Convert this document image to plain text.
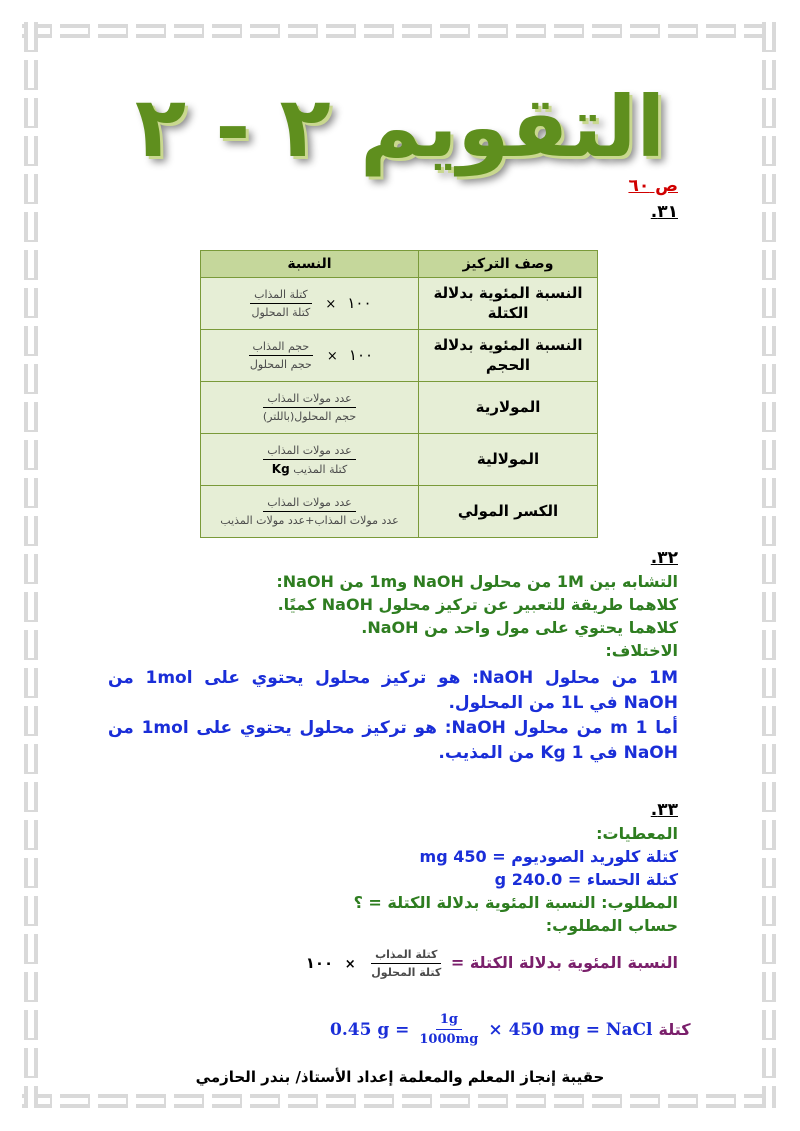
التقويم ٢ - ٢
ص ٦٠
.٣١
وصف التركيز	النسبة
النسبة المئوية بدلالة الكتلة	١٠٠ ×
$\frac{\text{كتلة المذاب}}{\text{كتلة المحلول}}$

النسبة المئوية بدلالة الحجم	١٠٠ ×
$\frac{\text{حجم المذاب}}{\text{حجم المحلول}}$

المولارية	$\frac{\text{عدد مولات المذاب}}{\text{حجم المحلول(باللتر)}}$

المولالية	$\frac{\text{عدد مولات المذاب}}{\text{كتلة المذيب Kg}}$

الكسر المولي	$\frac{\text{عدد مولات المذاب}}{\text{عدد مولات المذاب+عدد مولات المذيب}}$
.٣٢
التشابه بين 1M من محلول NaOH و1m من NaOH:
كلاهما طريقة للتعبير عن تركيز محلول NaOH كميًا.
كلاهما يحتوي على مول واحد من NaOH.
الاختلاف:
1M من محلول NaOH: هو تركيز محلول يحتوي على 1mol من NaOH في 1L من المحلول.
أما 1 m من محلول NaOH: هو تركيز محلول يحتوي على 1mol من NaOH في 1 Kg من المذيب.
.٣٣
المعطيات:
كتلة كلوريد الصوديوم = 450 mg
كتلة الحساء = 240.0 g
المطلوب: النسبة المئوية بدلالة الكتلة = ؟
حساب المطلوب:
النسبة المئوية بدلالة الكتلة =
$\frac{\text{كتلة المذاب}}{\text{كتلة المحلول}}$
× ١٠٠
0.45 $g = \frac{1g}{1000mg} \times 450$ mg = NaCl كتلة
حقيبة إنجاز المعلم والمعلمة إعداد الأستاذ/ بندر الحازمي
